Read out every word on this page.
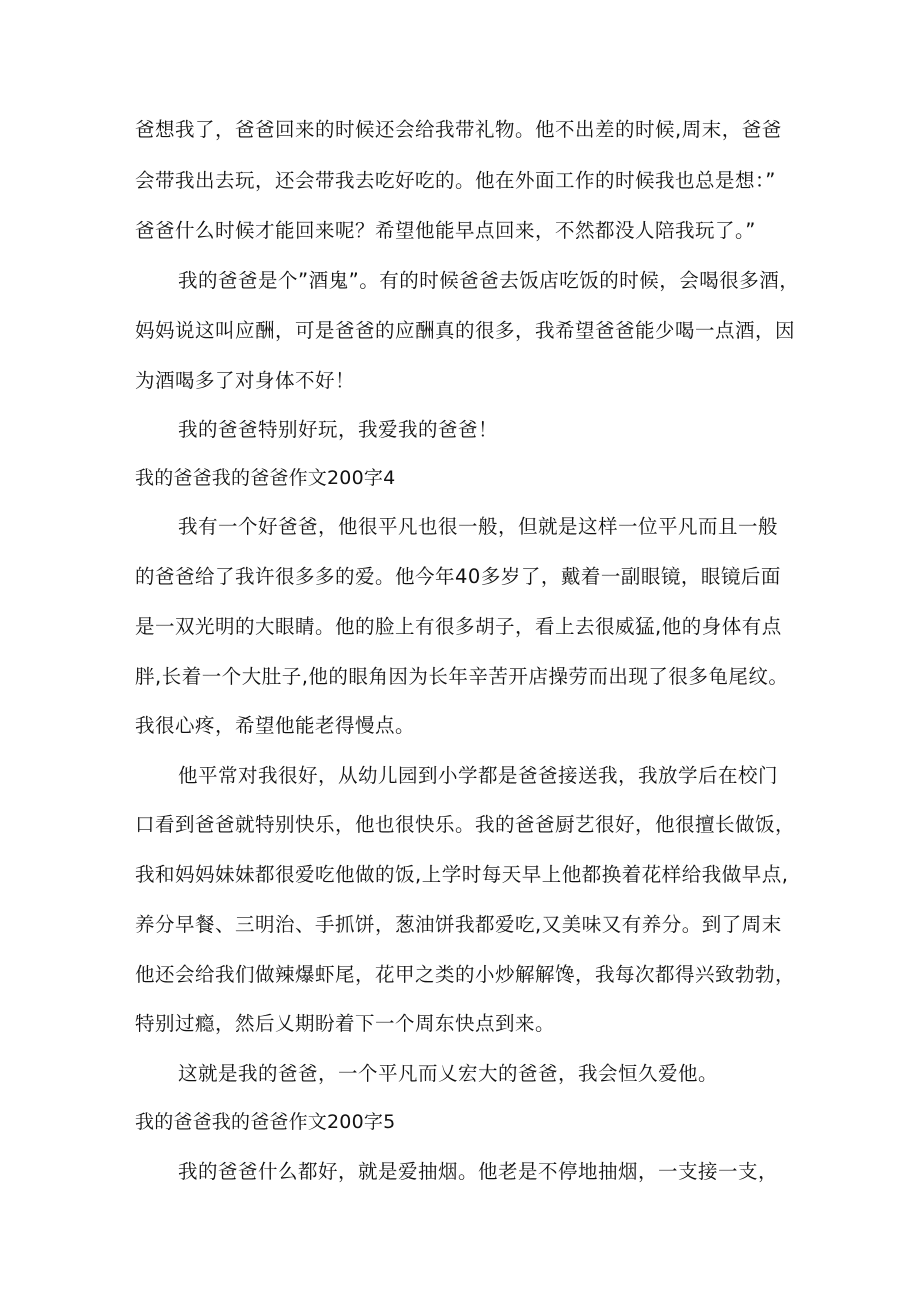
爸想我了，爸爸回来的时候还会给我带礼物。他不出差的时候,周末，爸爸

会带我出去玩，还会带我去吃好吃的。他在外面工作的时候我也总是想：”

爸爸什么时候才能回来呢？希望他能早点回来，不然都没人陪我玩了。”

我的爸爸是个”酒鬼”。有的时候爸爸去饭店吃饭的时候，会喝很多酒，

妈妈说这叫应酬，可是爸爸的应酬真的很多，我希望爸爸能少喝一点酒，因

为酒喝多了对身体不好！

我的爸爸特别好玩，我爱我的爸爸！

我的爸爸我的爸爸作文200字4

我有一个好爸爸，他很平凡也很一般，但就是这样一位平凡而且一般

的爸爸给了我许很多多的爱。他今年40多岁了，戴着一副眼镜，眼镜后面

是一双光明的大眼睛。他的脸上有很多胡子，看上去很威猛,他的身体有点

胖,长着一个大肚子,他的眼角因为长年辛苦开店操劳而出现了很多龟尾纹。

我很心疼，希望他能老得慢点。

他平常对我很好，从幼儿园到小学都是爸爸接送我，我放学后在校门

口看到爸爸就特别快乐，他也很快乐。我的爸爸厨艺很好，他很擅长做饭，

我和妈妈妹妹都很爱吃他做的饭,上学时每天早上他都换着花样给我做早点,

养分早餐、三明治、手抓饼，葱油饼我都爱吃,又美味又有养分。到了周末

他还会给我们做辣爆虾尾，花甲之类的小炒解解馋，我每次都得兴致勃勃，

特别过瘾，然后乂期盼着下一个周东快点到来。

这就是我的爸爸，一个平凡而乂宏大的爸爸，我会恒久爱他。

我的爸爸我的爸爸作文200字5

我的爸爸什么都好，就是爱抽烟。他老是不停地抽烟，一支接一支，
